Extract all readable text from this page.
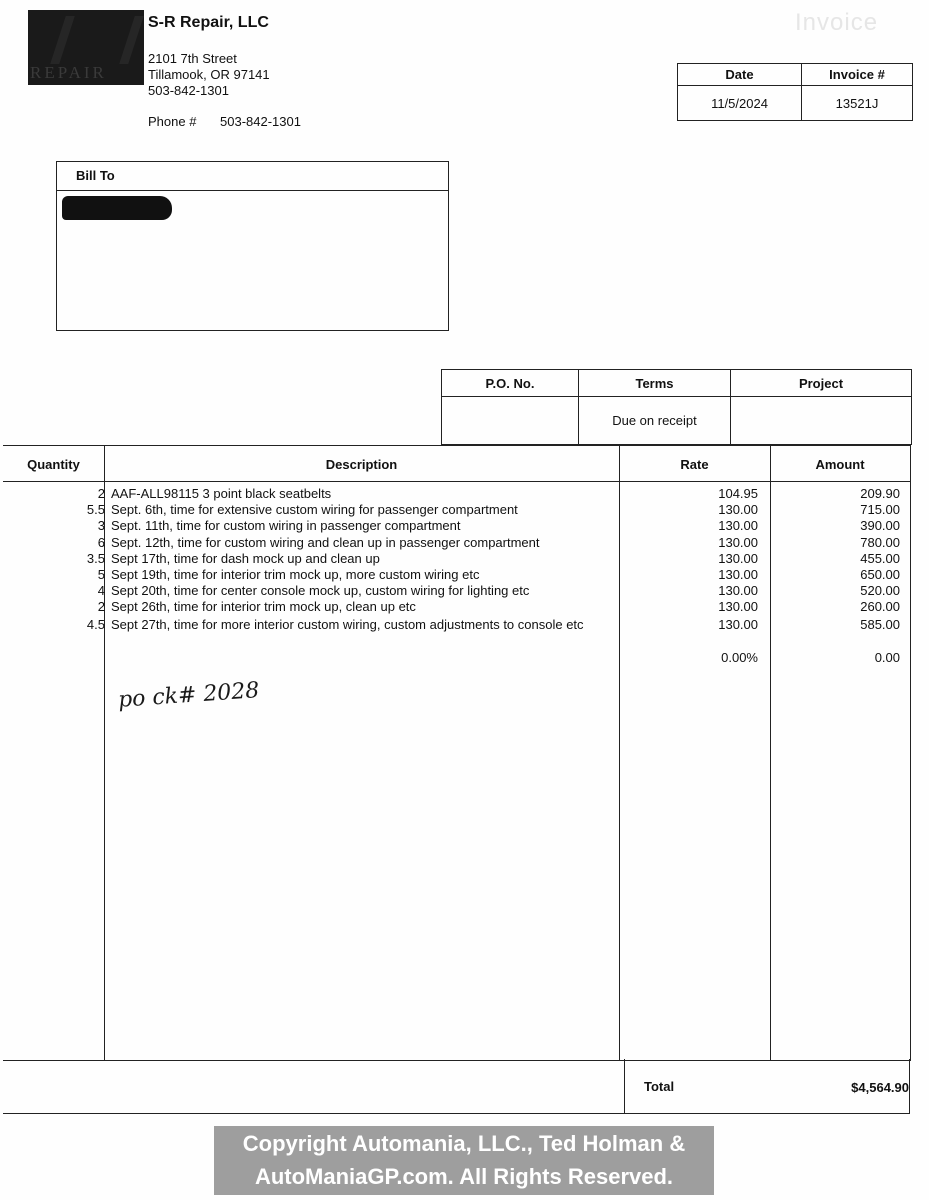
REPAIR
S-R Repair, LLC
2101 7th Street
Tillamook, OR 97141
503-842-1301
Phone # 503-842-1301
Invoice
Date	Invoice #
11/5/2024	13521J
Bill To
P.O. No.	Terms	Project
	Due on receipt	
Quantity	Description	Rate	Amount
2 AAF-ALL98115 3 point black seatbelts	104.95	209.90
5.5 Sept. 6th, time for extensive custom wiring for passenger compartment	130.00	715.00
3 Sept. 11th, time for custom wiring in passenger compartment	130.00	390.00
6 Sept. 12th, time for custom wiring and clean up in passenger compartment	130.00	780.00
3.5 Sept 17th, time for dash mock up and clean up	130.00	455.00
5 Sept 19th, time for interior trim mock up, more custom wiring etc	130.00	650.00
4 Sept 20th, time for center console mock up, custom wiring for lighting etc	130.00	520.00
2 Sept 26th, time for interior trim mock up, clean up etc	130.00	260.00
4.5 Sept 27th, time for more interior custom wiring, custom adjustments to console etc	130.00	585.00
0.00%	0.00
po ck# 2028
Total	$4,564.90
Copyright Automania, LLC., Ted Holman &
AutoManiaGP.com. All Rights Reserved.
